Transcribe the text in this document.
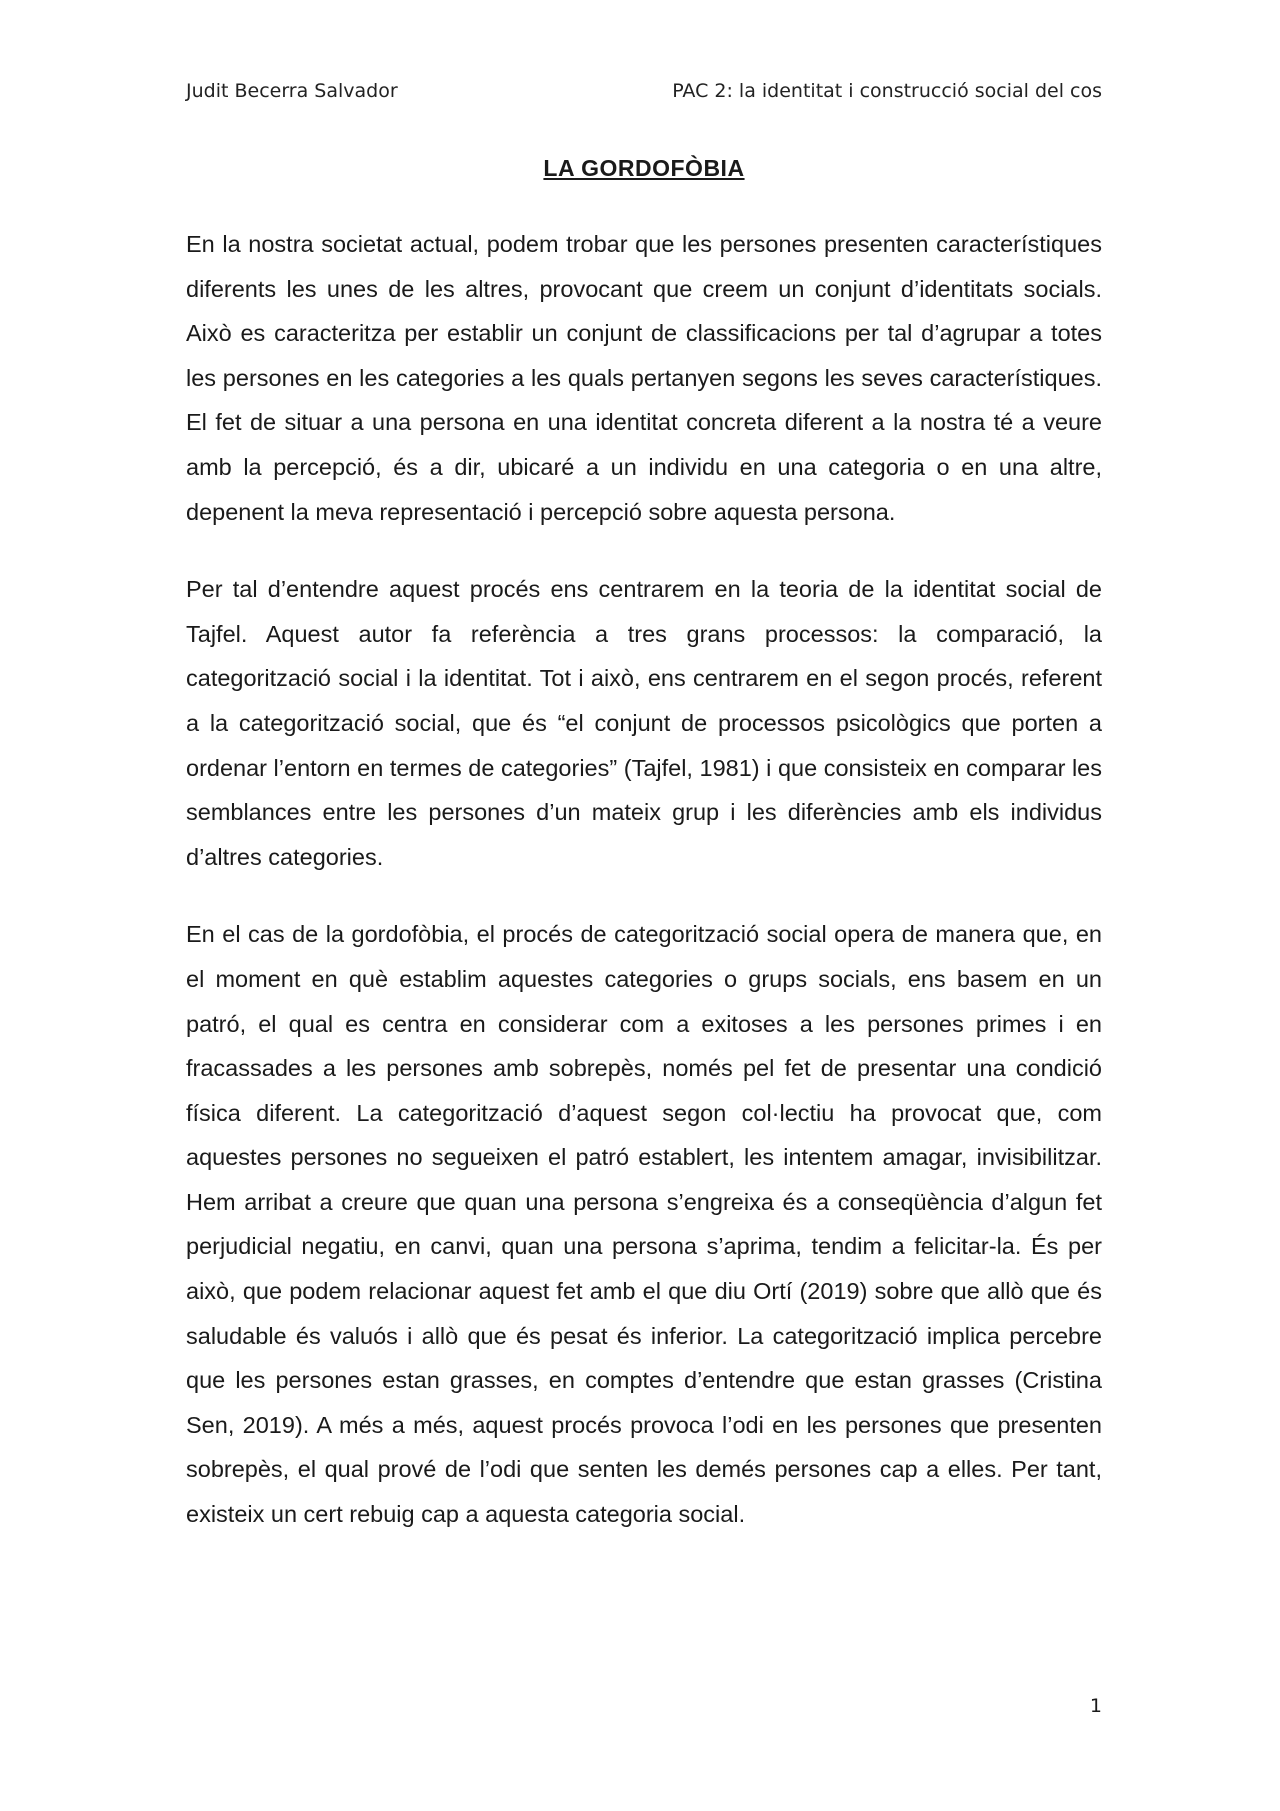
Judit Becerra Salvador	PAC 2: la identitat i construcció social del cos
LA GORDOFÒBIA

En la nostra societat actual, podem trobar que les persones presenten característiques diferents les unes de les altres, provocant que creem un conjunt d’identitats socials. Això es caracteritza per establir un conjunt de classificacions per tal d’agrupar a totes les persones en les categories a les quals pertanyen segons les seves característiques. El fet de situar a una persona en una identitat concreta diferent a la nostra té a veure amb la percepció, és a dir, ubicaré a un individu en una categoria o en una altre, depenent la meva representació i percepció sobre aquesta persona.

Per tal d’entendre aquest procés ens centrarem en la teoria de la identitat social de Tajfel. Aquest autor fa referència a tres grans processos: la comparació, la categorització social i la identitat. Tot i això, ens centrarem en el segon procés, referent a la categorització social, que és “el conjunt de processos psicològics que porten a ordenar l’entorn en termes de categories” (Tajfel, 1981) i que consisteix en comparar les semblances entre les persones d’un mateix grup i les diferències amb els individus d’altres categories.

En el cas de la gordofòbia, el procés de categorització social opera de manera que, en el moment en què establim aquestes categories o grups socials, ens basem en un patró, el qual es centra en considerar com a exitoses a les persones primes i en fracassades a les persones amb sobrepès, només pel fet de presentar una condició física diferent. La categorització d’aquest segon col·lectiu ha provocat que, com aquestes persones no segueixen el patró establert, les intentem amagar, invisibilitzar. Hem arribat a creure que quan una persona s’engreixa és a conseqüència d’algun fet perjudicial negatiu, en canvi, quan una persona s’aprima, tendim a felicitar-la. És per això, que podem relacionar aquest fet amb el que diu Ortí (2019) sobre que allò que és saludable és valuós i allò que és pesat és inferior. La categorització implica percebre que les persones estan grasses, en comptes d’entendre que estan grasses (Cristina Sen, 2019). A més a més, aquest procés provoca l’odi en les persones que presenten sobrepès, el qual prové de l’odi que senten les demés persones cap a elles. Per tant, existeix un cert rebuig cap a aquesta categoria social.

1
